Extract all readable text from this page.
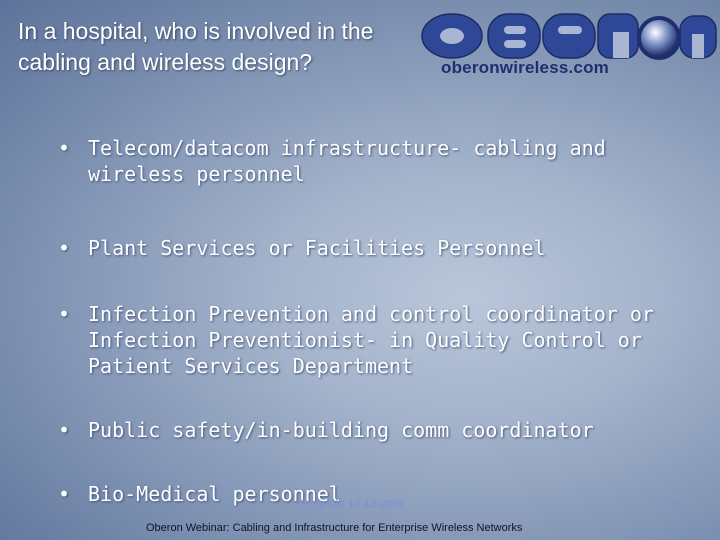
In a hospital, who is involved in the cabling and wireless design?	oberonwireless.com
• Telecom/datacom infrastructure- cabling and wireless personnel
• Plant Services or Facilities Personnel
• Infection Prevention and control coordinator or Infection Preventionist- in Quality Control or Patient Services Department
• Public safety/in-building comm coordinator
• Bio-Medical personnel
Copyright 10-13-2009	17
Oberon Webinar: Cabling and Infrastructure for Enterprise Wireless Networks
